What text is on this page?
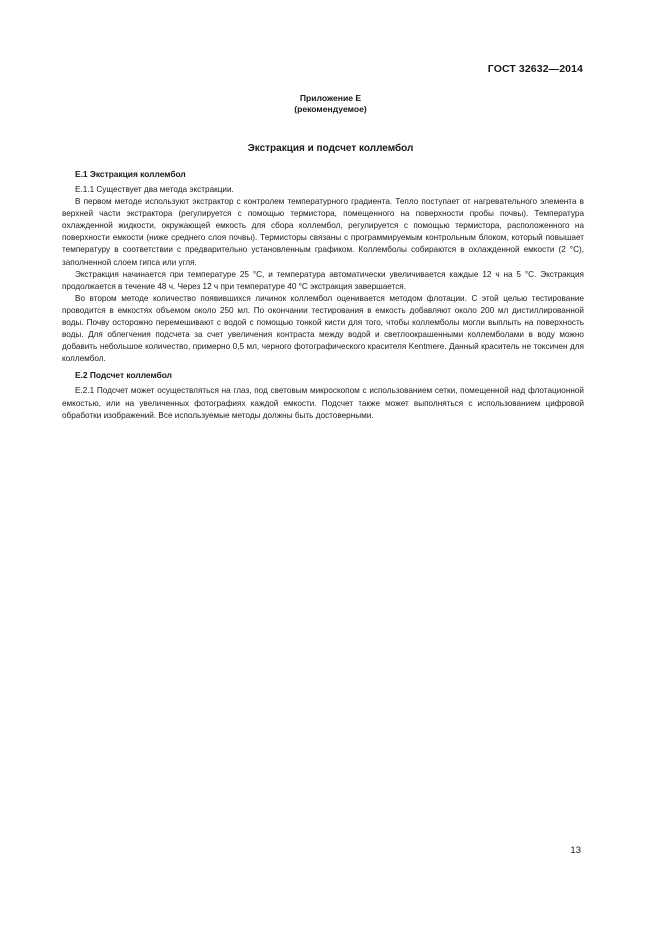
ГОСТ 32632—2014
Приложение Е
(рекомендуемое)
Экстракция и подсчет коллембол
Е.1 Экстракция коллембол

Е.1.1 Существует два метода экстракции.

В первом методе используют экстрактор с контролем температурного градиента. Тепло поступает от нагревательного элемента в верхней части экстрактора (регулируется с помощью термистора, помещенного на поверхности пробы почвы). Температура охлажденной жидкости, окружающей емкость для сбора коллембол, регулируется с помощью термистора, расположенного на поверхности емкости (ниже среднего слоя почвы). Термисторы связаны с программируемым контрольным блоком, который повышает температуру в соответствии с предварительно установленным графиком. Коллемболы собираются в охлажденной емкости (2 °С), заполненной слоем гипса или угля.

Экстракция начинается при температуре 25 °С, и температура автоматически увеличивается каждые 12 ч на 5 °С. Экстракция продолжается в течение 48 ч. Через 12 ч при температуре 40 °С экстракция завершается.

Во втором методе количество появившихся личинок коллембол оценивается методом флотации. С этой целью тестирование проводится в емкостях объемом около 250 мл. По окончании тестирования в емкость добавляют около 200 мл дистиллированной воды. Почву осторожно перемешивают с водой с помощью тонкой кисти для того, чтобы коллемболы могли выплыть на поверхность воды. Для облегчения подсчета за счет увеличения контраста между водой и светлоокрашенными коллемболами в воду можно добавить небольшое количество, примерно 0,5 мл, черного фотографического красителя Kentmere. Данный краситель не токсичен для коллембол.

Е.2 Подсчет коллембол

Е.2.1 Подсчет может осуществляться на глаз, под световым микроскопом с использованием сетки, помещенной над флотационной емкостью, или на увеличенных фотографиях каждой емкости. Подсчет также может выполняться с использованием цифровой обработки изображений. Все используемые методы должны быть достоверными.

13
